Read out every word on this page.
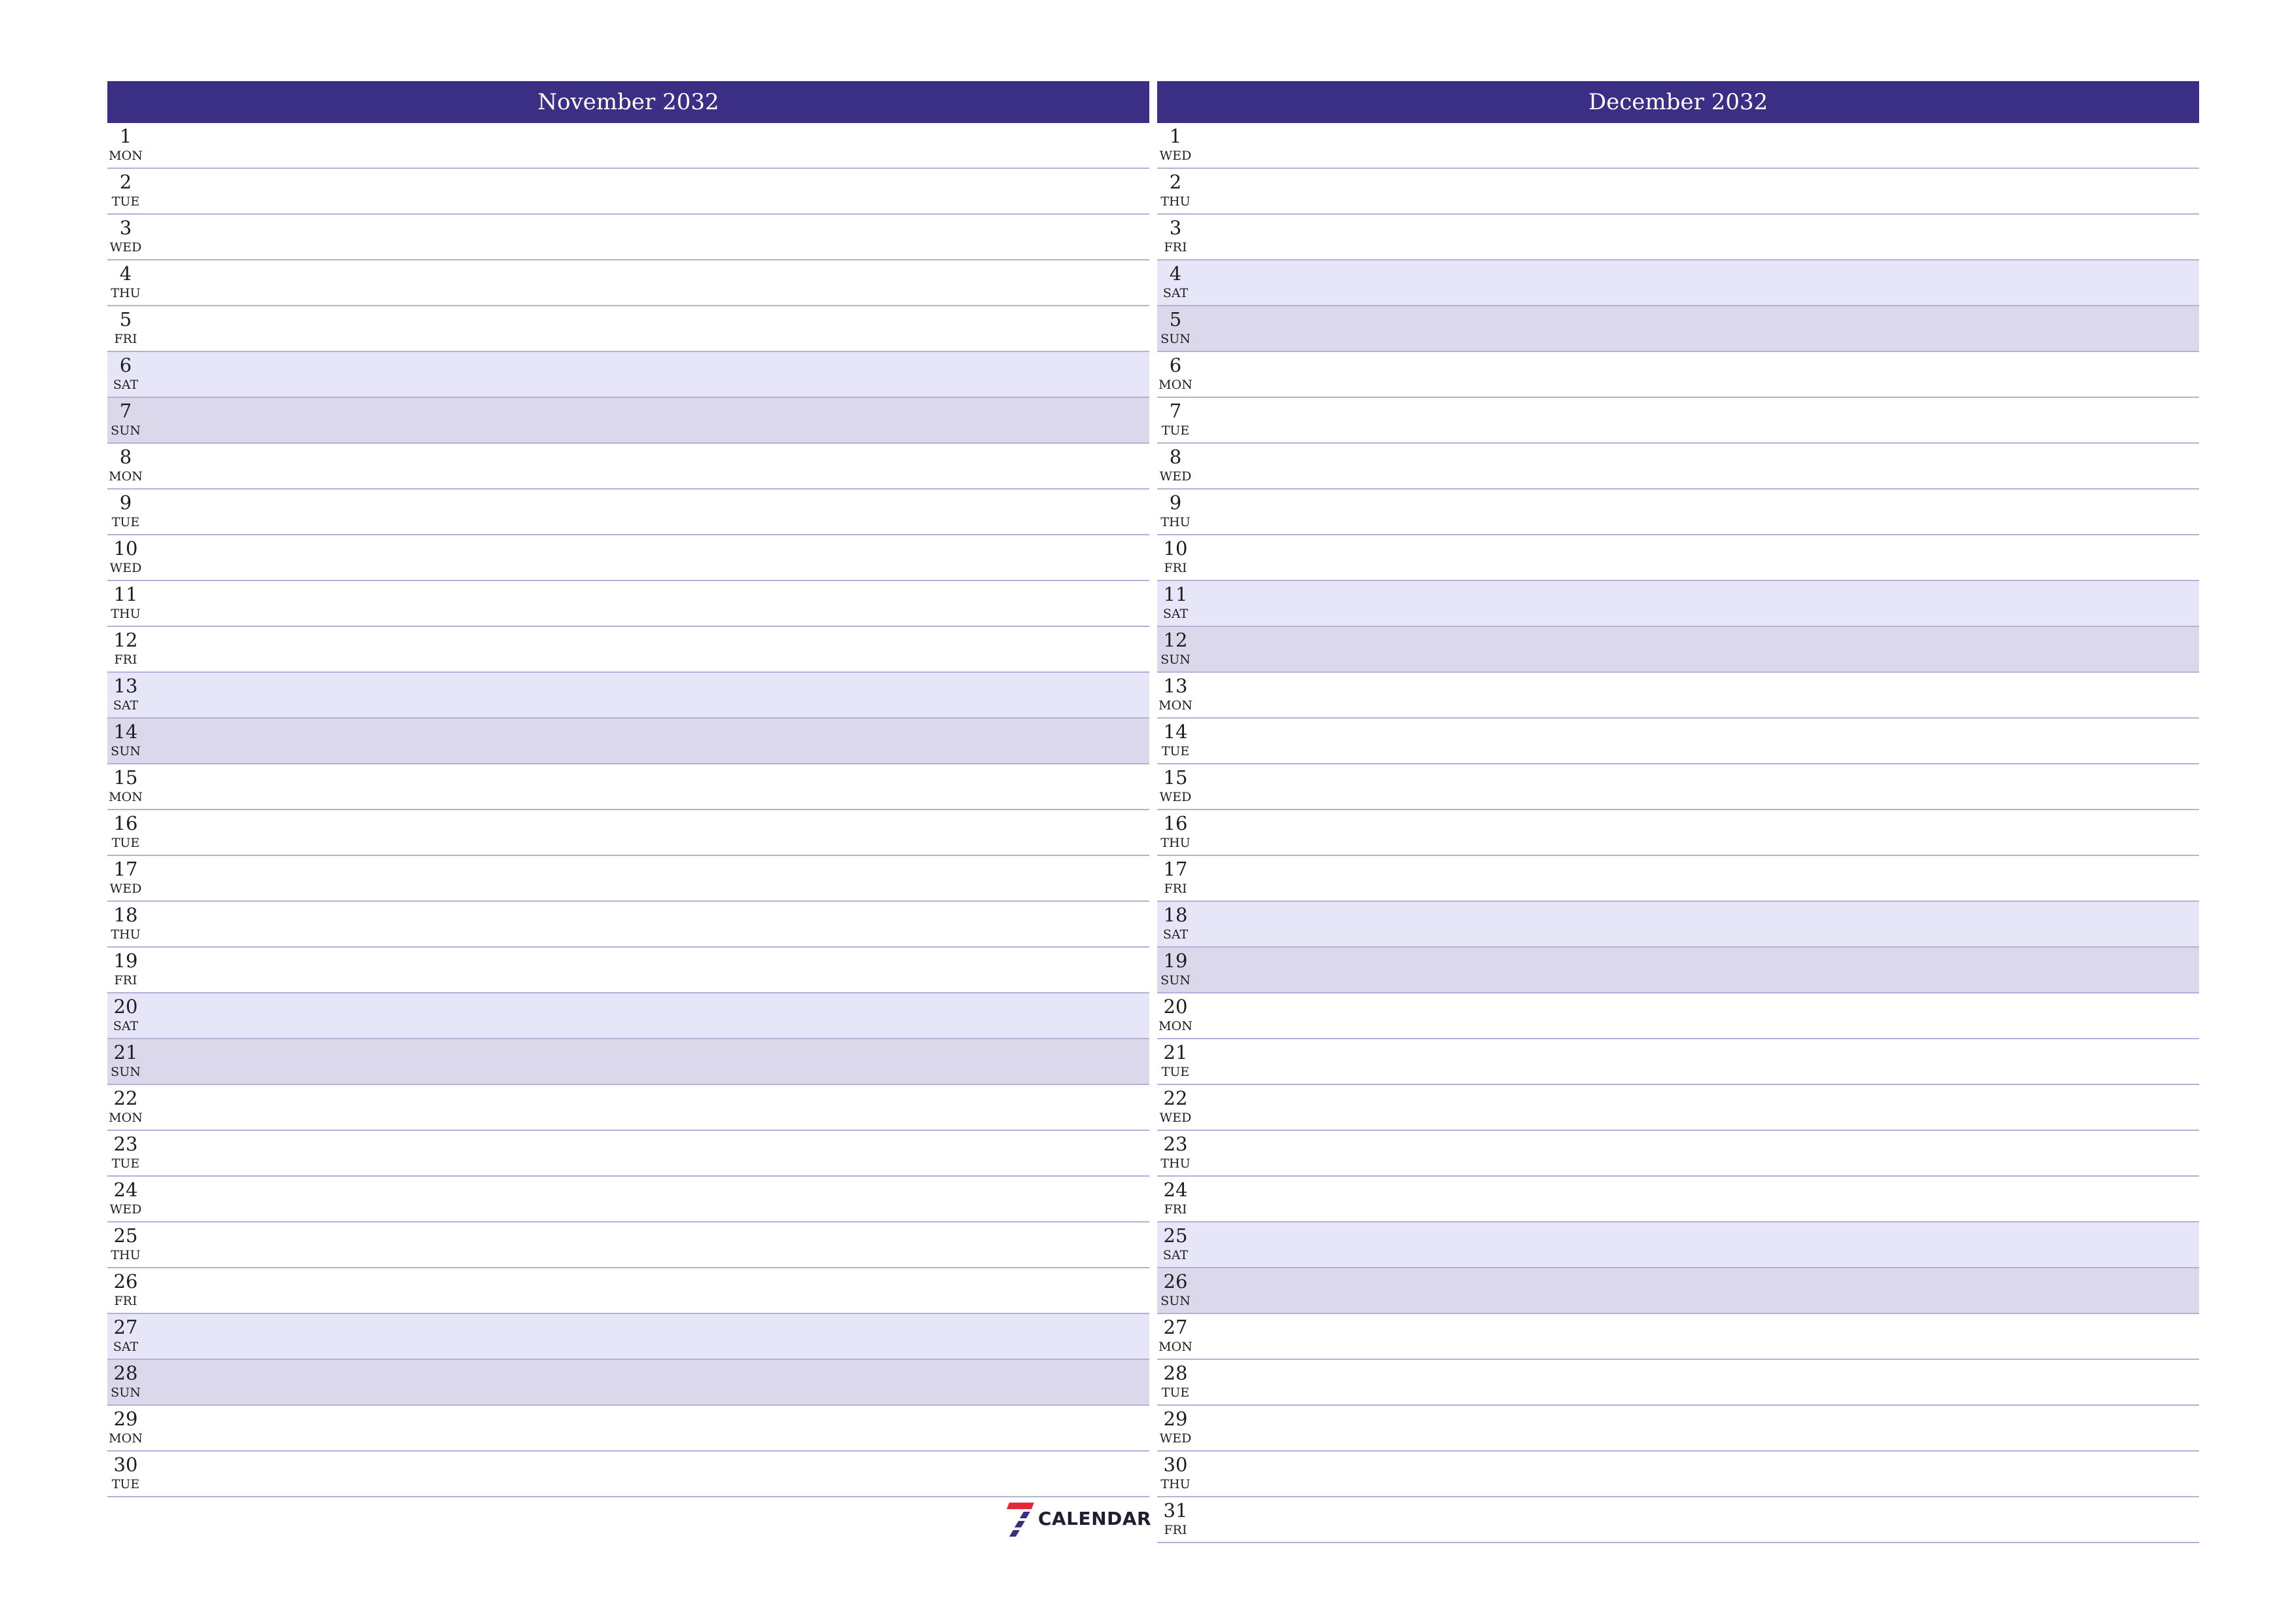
November 2032
1
MON
2
TUE
3
WED
4
THU
5
FRI
6
SAT
7
SUN
8
MON
9
TUE
10
WED
11
THU
12
FRI
13
SAT
14
SUN
15
MON
16
TUE
17
WED
18
THU
19
FRI
20
SAT
21
SUN
22
MON
23
TUE
24
WED
25
THU
26
FRI
27
SAT
28
SUN
29
MON
30
TUE
December 2032
1
WED
2
THU
3
FRI
4
SAT
5
SUN
6
MON
7
TUE
8
WED
9
THU
10
FRI
11
SAT
12
SUN
13
MON
14
TUE
15
WED
16
THU
17
FRI
18
SAT
19
SUN
20
MON
21
TUE
22
WED
23
THU
24
FRI
25
SAT
26
SUN
27
MON
28
TUE
29
WED
30
THU
31
FRI
CALENDAR
